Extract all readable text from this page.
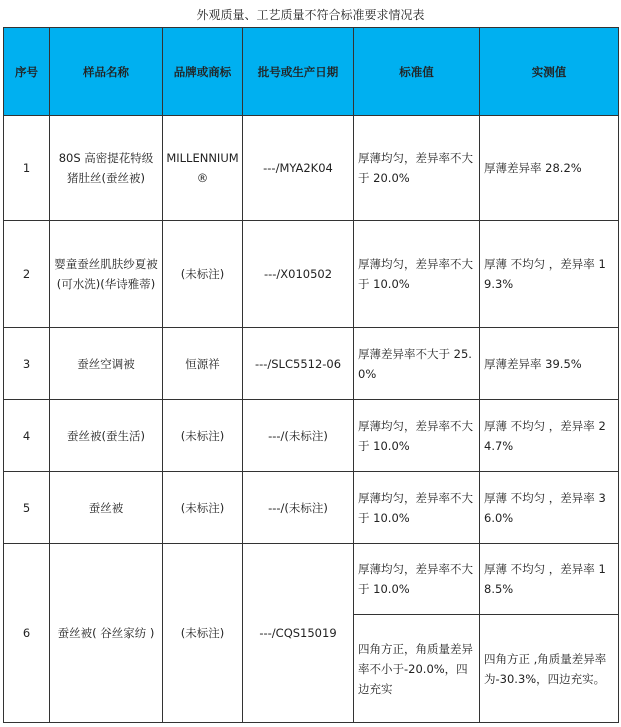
外观质量、工艺质量不符合标准要求情况表
序号	样品名称	品牌或商标	批号或生产日期	标准值	实测值
1	80S 高密提花特级猪肚丝(蚕丝被)	MILLENNIUM®	---/MYA2K04	厚薄均匀，差异率不大于 20.0%	厚薄差异率 28.2%
2	婴童蚕丝肌肤纱夏被(可水洗)(华诗雅蒂)	(未标注)	---/X010502	厚薄均匀，差异率不大于 10.0%	厚薄 不均匀 ，差异率 19.3%
3	蚕丝空调被	恒源祥	---/SLC5512-06	厚薄差异率不大于 25.0%	厚薄差异率 39.5%
4	蚕丝被(蚕生活)	(未标注)	---/(未标注)	厚薄均匀，差异率不大于 10.0%	厚薄 不均匀 ，差异率 24.7%
5	蚕丝被	(未标注)	---/(未标注)	厚薄均匀，差异率不大于 10.0%	厚薄 不均匀 ，差异率 36.0%
6	蚕丝被( 谷丝家纺 )	(未标注)	---/CQS15019	厚薄均匀，差异率不大于 10.0%	厚薄 不均匀 ，差异率 18.5%
				四角方正，角质量差异率不小于-20.0%，四边充实	四角方正 ,角质量差异率为-30.3%，四边充实。
